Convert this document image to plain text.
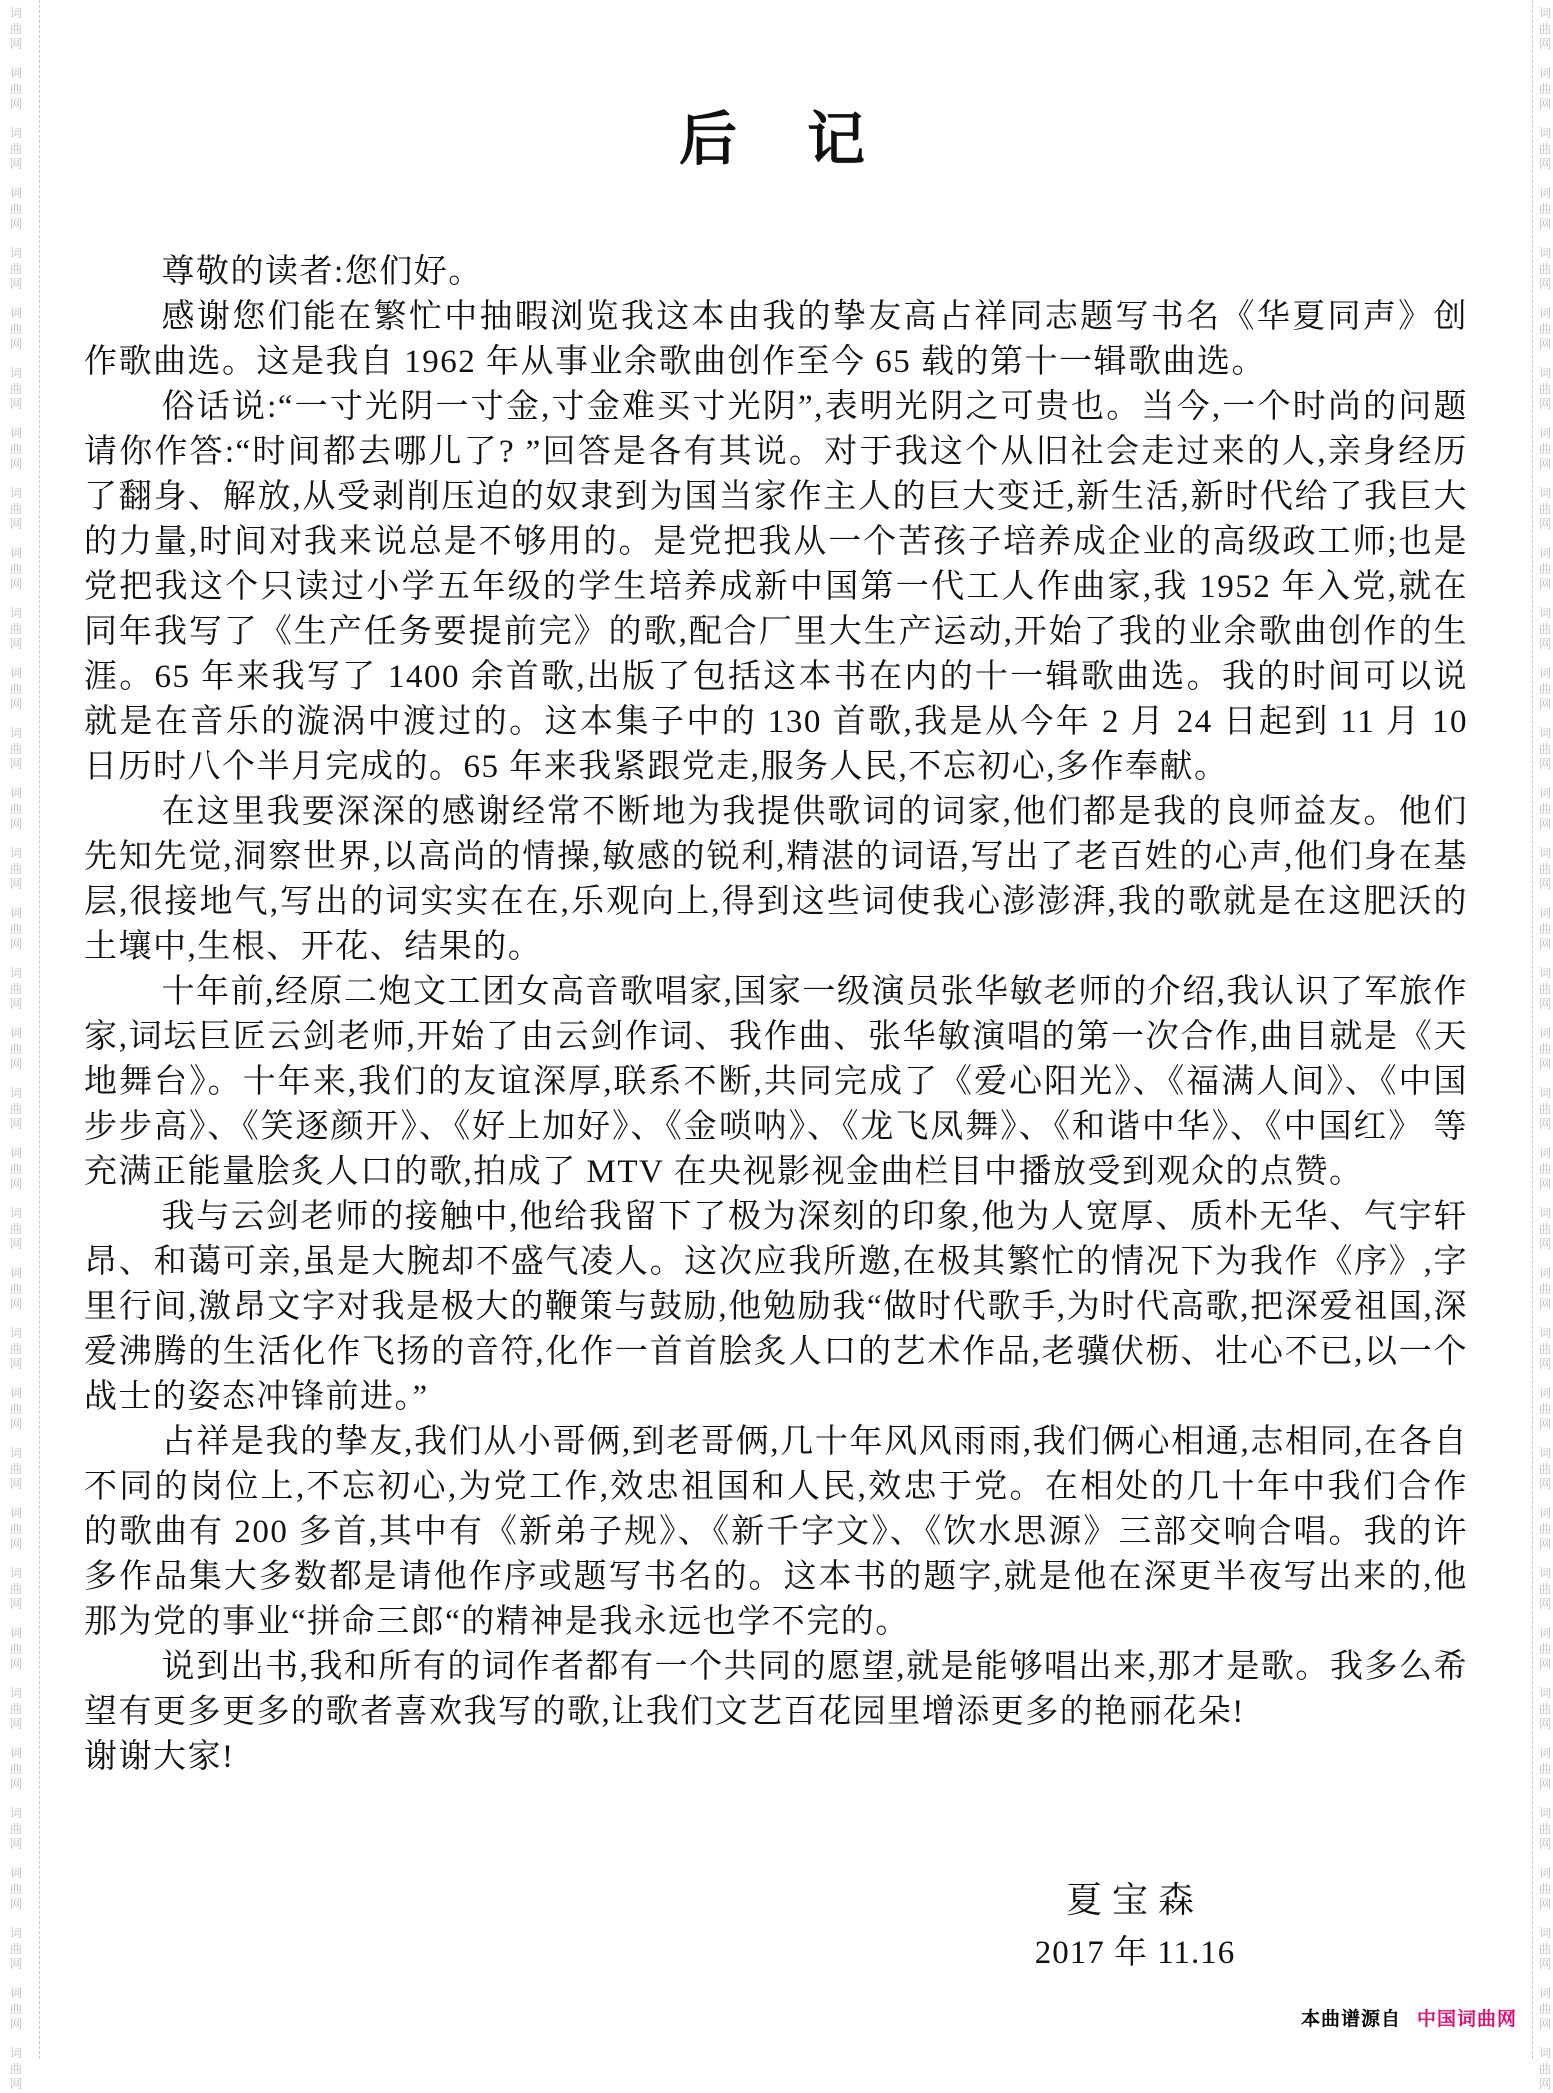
词
曲
网
词
曲
网
词
曲
网
词
曲
网
词
曲
网
词
曲
网
词
曲
网
词
曲
网
词
曲
网
词
曲
网
词
曲
网
词
曲
网
词
曲
网
词
曲
网
词
曲
网
词
曲
网
词
曲
网
词
曲
网
词
曲
网
词
曲
网
词
曲
网
词
曲
网
词
曲
网
词
曲
网
词
曲
网
词
曲
网
词
曲
网
词
曲
网
词
曲
网
词
曲
网
词
曲
网
词
曲
网
词
曲
网
词
曲
网
词
曲
网
词
曲
网
词
曲
网
词
曲
网
词
曲
网
词
曲
网
词
曲
网
词
曲
网
词
曲
网
词
曲
网
词
曲
网
词
曲
网
词
曲
网
词
曲
网
词
曲
网
词
曲
网
词
曲
网
词
曲
网
词
曲
网
词
曲
网
词
曲
网
词
曲
网
词
曲
网
词
曲
网
词
曲
网
词
曲
网
词
曲
网
词
曲
网
词
曲
网
词
曲
网
词
曲
网
词
曲
网
词
曲
网
词
曲
网
词
曲
网
词
曲
网
后　记

尊敬的读者:您们好。

感谢您们能在繁忙中抽暇浏览我这本由我的挚友高占祥同志题写书名《华夏同声》创作歌曲选。这是我自 1962 年从事业余歌曲创作至今 65 载的第十一辑歌曲选。

俗话说:“一寸光阴一寸金,寸金难买寸光阴”,表明光阴之可贵也。当今,一个时尚的问题请你作答:“时间都去哪儿了? ”回答是各有其说。对于我这个从旧社会走过来的人,亲身经历了翻身、解放,从受剥削压迫的奴隶到为国当家作主人的巨大变迁,新生活,新时代给了我巨大的力量,时间对我来说总是不够用的。是党把我从一个苦孩子培养成企业的高级政工师;也是党把我这个只读过小学五年级的学生培养成新中国第一代工人作曲家,我 1952 年入党,就在同年我写了《生产任务要提前完》的歌,配合厂里大生产运动,开始了我的业余歌曲创作的生涯。65 年来我写了 1400 余首歌,出版了包括这本书在内的十一辑歌曲选。我的时间可以说就是在音乐的漩涡中渡过的。这本集子中的 130 首歌,我是从今年 2 月 24 日起到 11 月 10 日历时八个半月完成的。65 年来我紧跟党走,服务人民,不忘初心,多作奉献。

在这里我要深深的感谢经常不断地为我提供歌词的词家,他们都是我的良师益友。他们先知先觉,洞察世界,以高尚的情操,敏感的锐利,精湛的词语,写出了老百姓的心声,他们身在基层,很接地气,写出的词实实在在,乐观向上,得到这些词使我心澎澎湃,我的歌就是在这肥沃的土壤中,生根、开花、结果的。

十年前,经原二炮文工团女高音歌唱家,国家一级演员张华敏老师的介绍,我认识了军旅作家,词坛巨匠云剑老师,开始了由云剑作词、我作曲、张华敏演唱的第一次合作,曲目就是《天地舞台》。十年来,我们的友谊深厚,联系不断,共同完成了《爱心阳光》、《福满人间》、《中国步步高》、《笑逐颜开》、《好上加好》、《金唢呐》、《龙飞凤舞》、《和谐中华》、《中国红》 等充满正能量脍炙人口的歌,拍成了 MTV 在央视影视金曲栏目中播放受到观众的点赞。

我与云剑老师的接触中,他给我留下了极为深刻的印象,他为人宽厚、质朴无华、气宇轩昂、和蔼可亲,虽是大腕却不盛气凌人。这次应我所邀,在极其繁忙的情况下为我作《序》,字里行间,激昂文字对我是极大的鞭策与鼓励,他勉励我“做时代歌手,为时代高歌,把深爱祖国,深爱沸腾的生活化作飞扬的音符,化作一首首脍炙人口的艺术作品,老骥伏枥、壮心不已,以一个战士的姿态冲锋前进。”

占祥是我的挚友,我们从小哥俩,到老哥俩,几十年风风雨雨,我们俩心相通,志相同,在各自不同的岗位上,不忘初心,为党工作,效忠祖国和人民,效忠于党。在相处的几十年中我们合作的歌曲有 200 多首,其中有《新弟子规》、《新千字文》、《饮水思源》三部交响合唱。我的许多作品集大多数都是请他作序或题写书名的。这本书的题字,就是他在深更半夜写出来的,他那为党的事业“拼命三郎“的精神是我永远也学不完的。

说到出书,我和所有的词作者都有一个共同的愿望,就是能够唱出来,那才是歌。我多么希望有更多更多的歌者喜欢我写的歌,让我们文艺百花园里增添更多的艳丽花朵!

谢谢大家!

夏宝森
2017 年 11.16
本曲谱源自 中国词曲网
